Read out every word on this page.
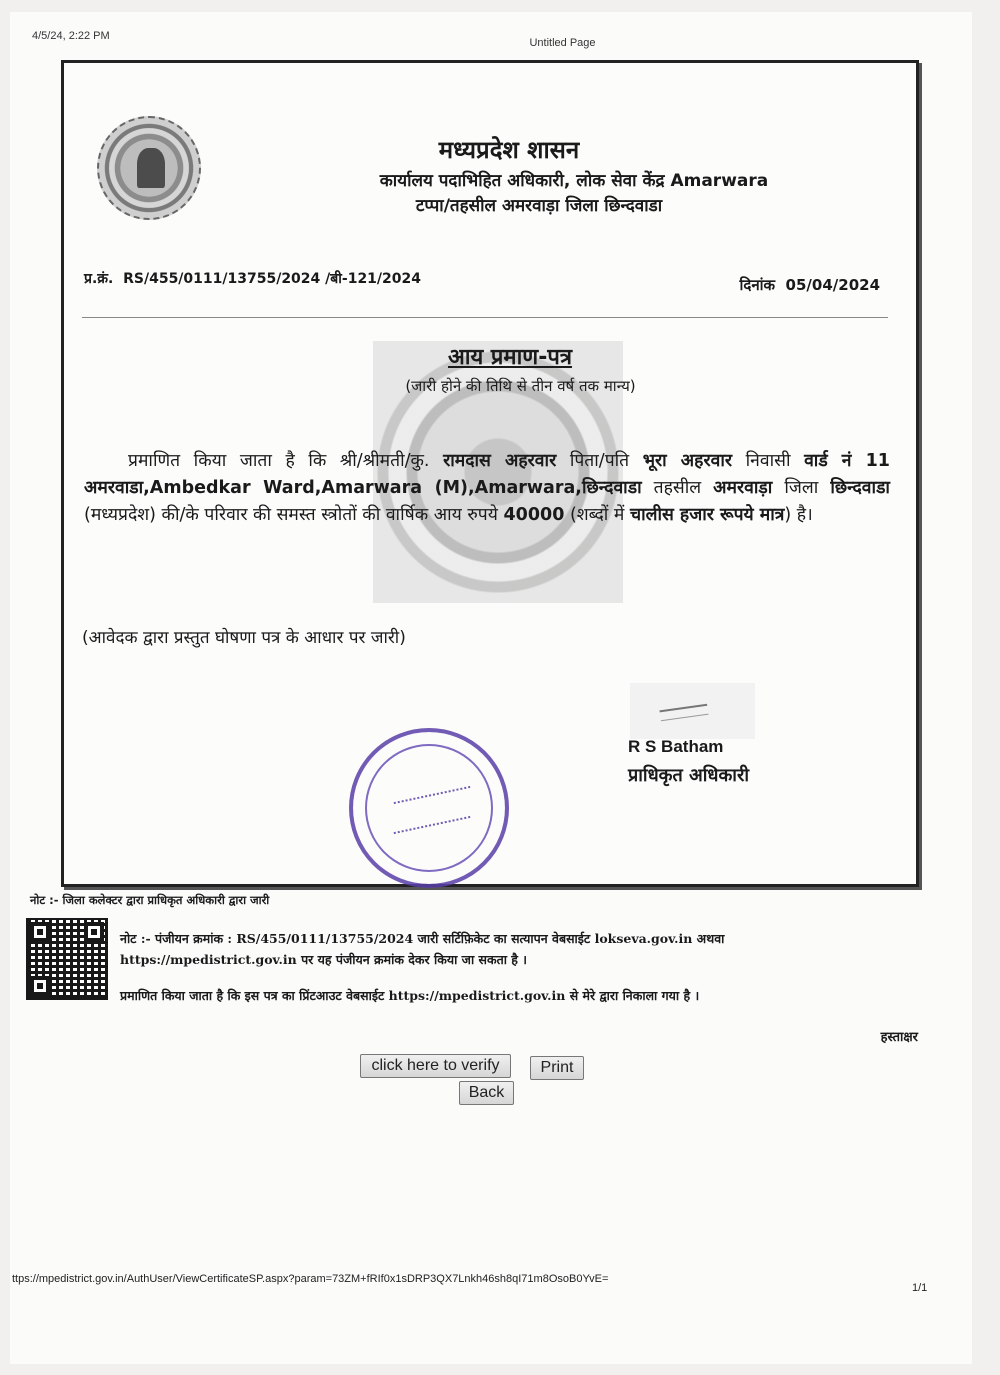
4/5/24, 2:22 PM
Untitled Page
मध्यप्रदेश शासन
कार्यालय पदाभिहित अधिकारी, लोक सेवा केंद्र Amarwara
टप्पा/तहसील अमरवाड़ा जिला छिन्दवाडा
प्र.क्रं. RS/455/0111/13755/2024 /बी-121/2024	दिनांक 05/04/2024
आय प्रमाण-पत्र
(जारी होने की तिथि से तीन वर्ष तक मान्य)
प्रमाणित किया जाता है कि श्री/श्रीमती/कु. रामदास अहरवार पिता/पति भूरा अहरवार निवासी वार्ड नं 11 अमरवाडा,Ambedkar Ward,Amarwara (M),Amarwara,छिन्दवाडा तहसील अमरवाड़ा जिला छिन्दवाडा (मध्यप्रदेश) की/के परिवार की समस्त स्त्रोतों की वार्षिक आय रुपये 40000 (शब्दों में चालीस हजार रूपये मात्र) है।
(आवेदक द्वारा प्रस्तुत घोषणा पत्र के आधार पर जारी)
R S Batham
प्राधिकृत अधिकारी
नोट :- जिला कलेक्टर द्वारा प्राधिकृत अधिकारी द्वारा जारी
नोट :- पंजीयन क्रमांक : RS/455/0111/13755/2024 जारी सर्टिफ़िकेट का सत्यापन वेबसाईट lokseva.gov.in अथवा https://mpedistrict.gov.in पर यह पंजीयन क्रमांक देकर किया जा सकता है ।
प्रमाणित किया जाता है कि इस पत्र का प्रिंटआउट वेबसाईट https://mpedistrict.gov.in से मेरे द्वारा निकाला गया है ।
हस्ताक्षर
click here to verify	Print
Back
ttps://mpedistrict.gov.in/AuthUser/ViewCertificateSP.aspx?param=73ZM+fRIf0x1sDRP3QX7Lnkh46sh8qI71m8OsoB0YvE=
1/1
